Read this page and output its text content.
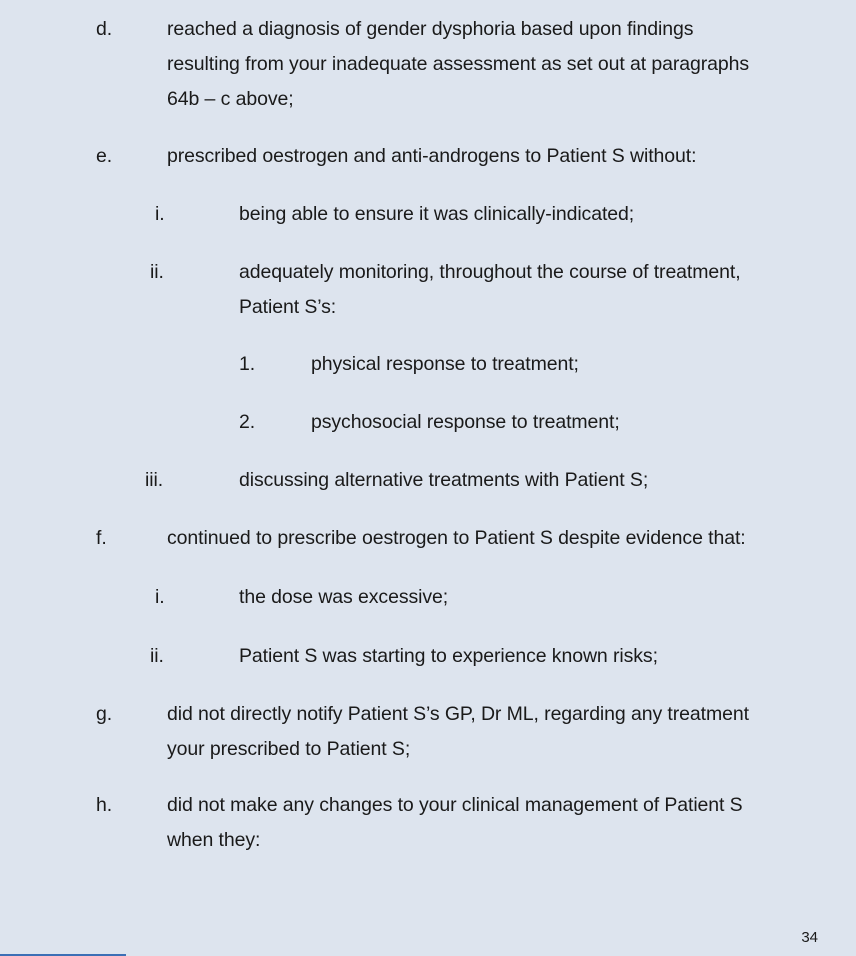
d.	reached a diagnosis of gender dysphoria based upon findings
resulting from your inadequate assessment as set out at paragraphs
64b – c above;
e.	prescribed oestrogen and anti-androgens to Patient S without:
i.	being able to ensure it was clinically-indicated;
ii.	adequately monitoring, throughout the course of treatment,
Patient S’s:
1.	physical response to treatment;
2.	psychosocial response to treatment;
iii.	discussing alternative treatments with Patient S;
f.	continued to prescribe oestrogen to Patient S despite evidence that:
i.	the dose was excessive;
ii.	Patient S was starting to experience known risks;
g.	did not directly notify Patient S’s GP, Dr ML, regarding any treatment
your prescribed to Patient S;
h.	did not make any changes to your clinical management of Patient S
when they:
34
